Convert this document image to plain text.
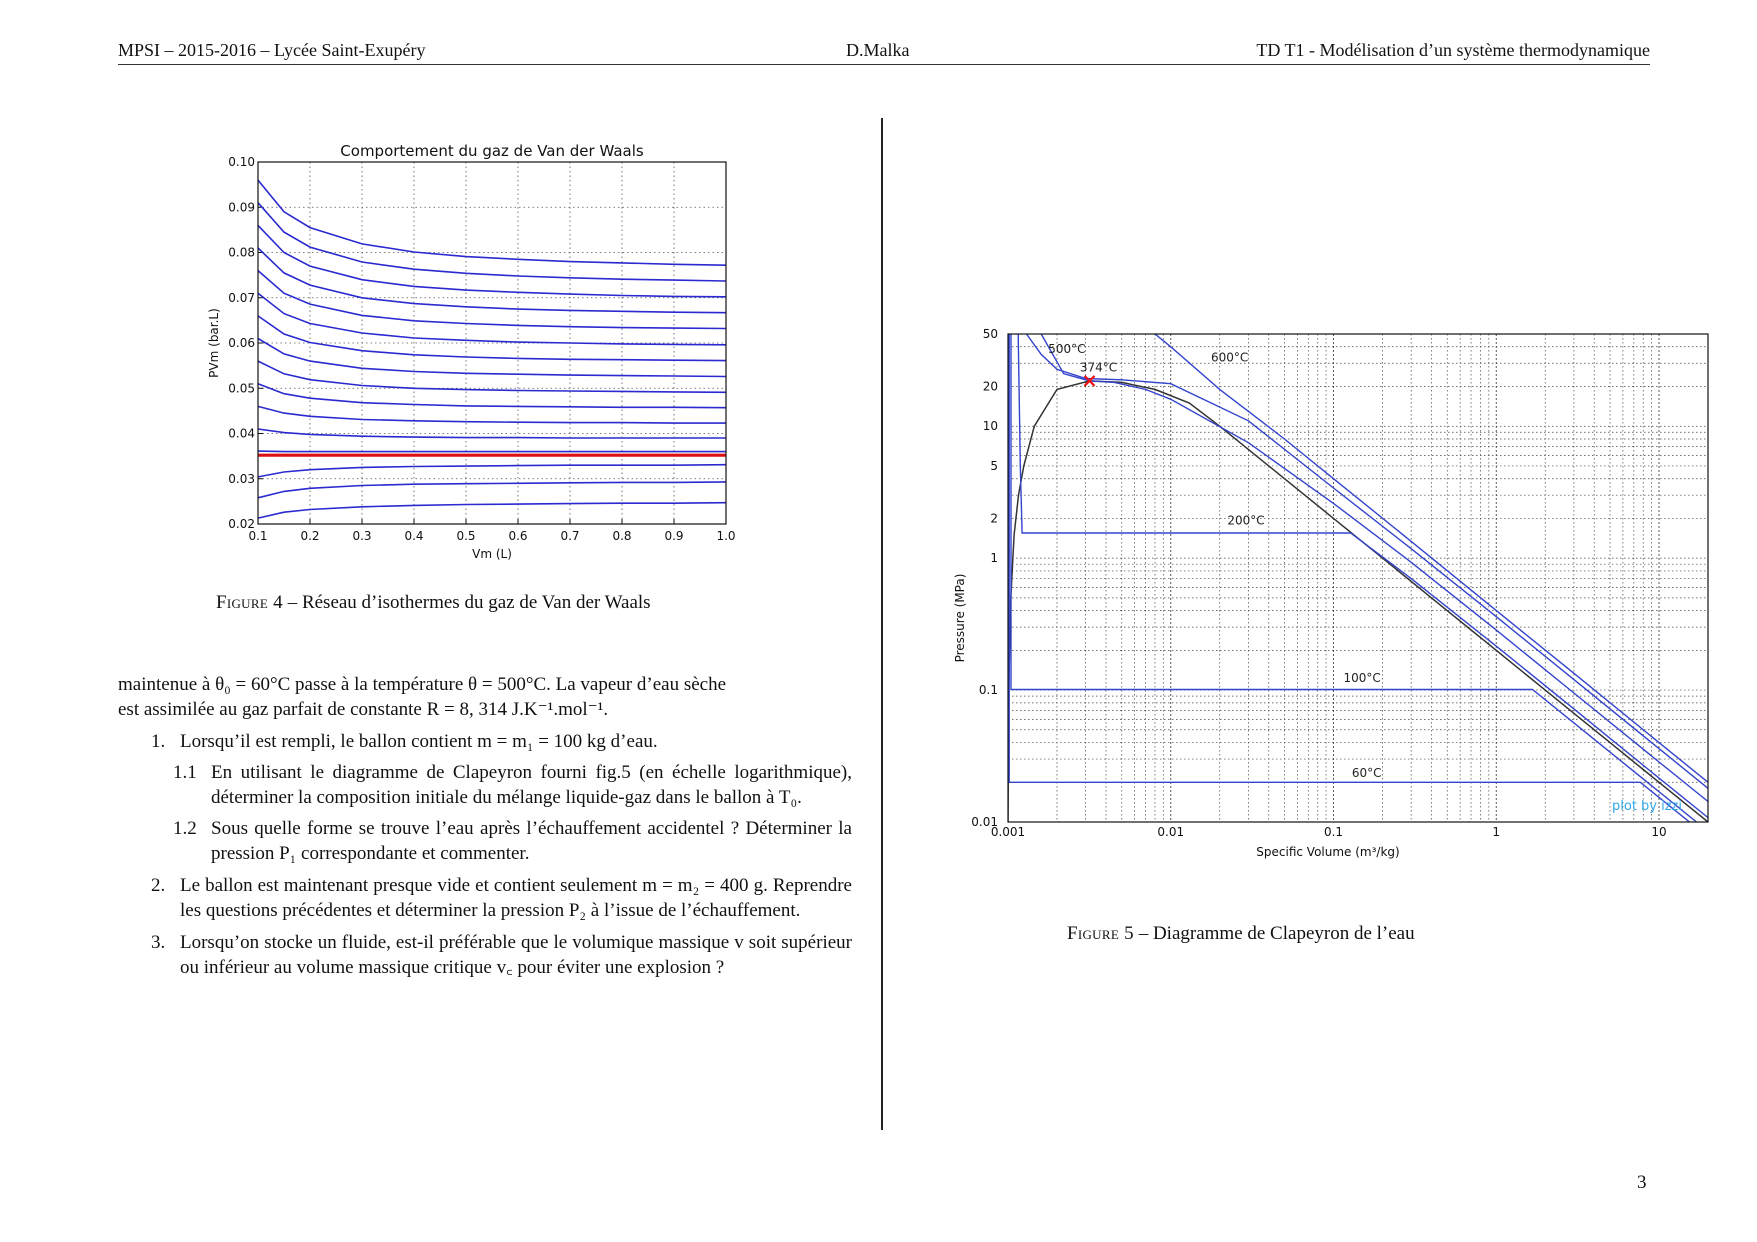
MPSI – 2015-2016 – Lycée Saint-Exupéry	D.Malka	TD T1 - Modélisation d’un système thermodynamique
Comportement du gaz de Van der Waals
0.1	0.2	0.3	0.4	0.5	0.6	0.7	0.8	0.9	1.0
0.02
0.03
0.04
0.05
0.06
0.07
0.08
0.09
0.10
Vm (L)
PVm (bar.L)
Figure 4 – Réseau d’isothermes du gaz de Van der Waals
60°C
100°C
200°C
374°C
500°C
600°C
plot by izzi
0.001	0.01	0.1	1	10
0.01
0.1
1
2
5
10
20
50
Specific Volume (m³/kg)
Pressure (MPa)
Figure 5 – Diagramme de Clapeyron de l’eau

maintenue à θ₀ = 60°C passe à la température θ = 500°C. La vapeur d’eau sèche

est assimilée au gaz parfait de constante R = 8, 314 J.K⁻¹.mol⁻¹.

1. Lorsqu’il est rempli, le ballon contient m = m₁ = 100 kg d’eau.
1.1 En utilisant le diagramme de Clapeyron fourni fig.5 (en échelle logarithmique), déterminer la composition initiale du mélange liquide-gaz dans le ballon à T₀.
1.2 Sous quelle forme se trouve l’eau après l’échauffement accidentel ? Déterminer la pression P₁ correspondante et commenter.
2. Le ballon est maintenant presque vide et contient seulement m = m₂ = 400 g. Reprendre les questions précédentes et déterminer la pression P₂ à l’issue de l’échauffement.
3. Lorsqu’on stocke un fluide, est-il préférable que le volumique massique v soit supérieur ou inférieur au volume massique critique v꜀ pour éviter une explosion ?
3
